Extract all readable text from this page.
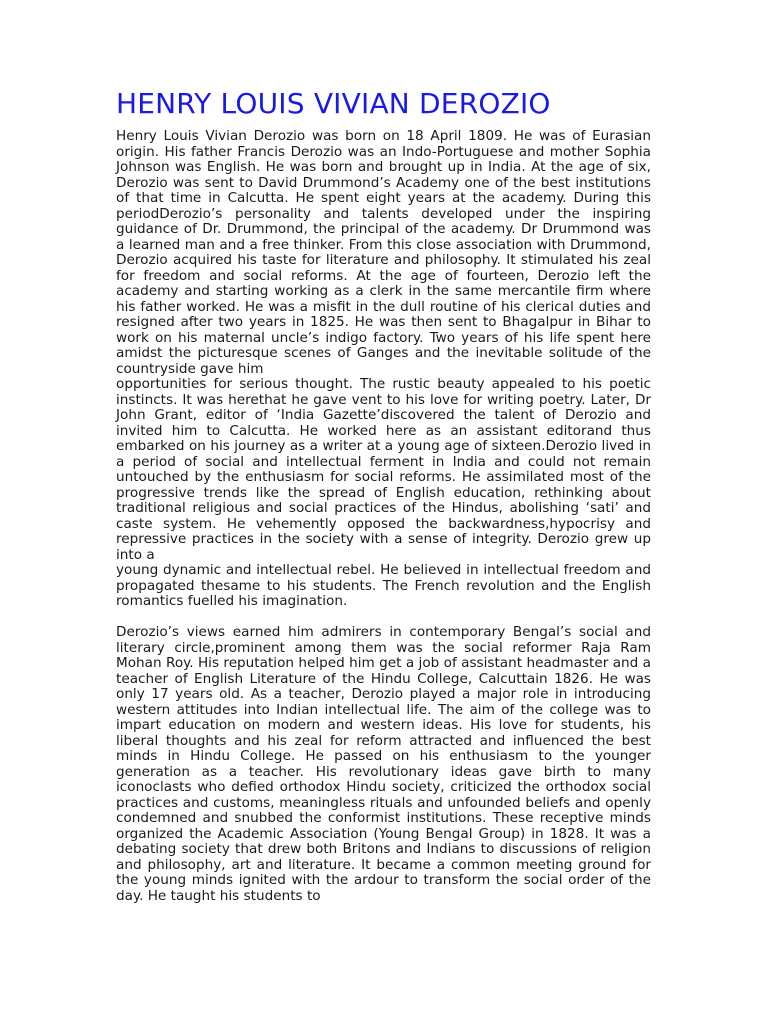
HENRY LOUIS VIVIAN DEROZIO

Henry Louis Vivian Derozio was born on 18 April 1809. He was of Eurasian origin. His father Francis Derozio was an Indo-Portuguese and mother Sophia Johnson was English. He was born and brought up in India. At the age of six, Derozio was sent to David Drummond’s Academy one of the best institutions of that time in Calcutta. He spent eight years at the academy. During this periodDerozio’s personality and talents developed under the inspiring guidance of Dr. Drummond, the principal of the academy. Dr Drummond was a learned man and a free thinker. From this close association with Drummond, Derozio acquired his taste for literature and philosophy. It stimulated his zeal for freedom and social reforms. At the age of fourteen, Derozio left the academy and starting working as a clerk in the same mercantile firm where his father worked. He was a misfit in the dull routine of his clerical duties and resigned after two years in 1825. He was then sent to Bhagalpur in Bihar to work on his maternal uncle’s indigo factory. Two years of his life spent here amidst the picturesque scenes of Ganges and the inevitable solitude of the countryside gave him

opportunities for serious thought. The rustic beauty appealed to his poetic instincts. It was herethat he gave vent to his love for writing poetry. Later, Dr John Grant, editor of ‘India Gazette’discovered the talent of Derozio and invited him to Calcutta. He worked here as an assistant editorand thus embarked on his journey as a writer at a young age of sixteen.Derozio lived in a period of social and intellectual ferment in India and could not remain untouched by the enthusiasm for social reforms. He assimilated most of the progressive trends like the spread of English education, rethinking about traditional religious and social practices of the Hindus, abolishing ‘sati’ and caste system. He vehemently opposed the backwardness,hypocrisy and repressive practices in the society with a sense of integrity. Derozio grew up into a

young dynamic and intellectual rebel. He believed in intellectual freedom and propagated thesame to his students. The French revolution and the English romantics fuelled his imagination.

Derozio’s views earned him admirers in contemporary Bengal’s social and literary circle,prominent among them was the social reformer Raja Ram Mohan Roy. His reputation helped him get a job of assistant headmaster and a teacher of English Literature of the Hindu College, Calcuttain 1826. He was only 17 years old. As a teacher, Derozio played a major role in introducing western attitudes into Indian intellectual life. The aim of the college was to impart education on modern and western ideas. His love for students, his liberal thoughts and his zeal for reform attracted and influenced the best minds in Hindu College. He passed on his enthusiasm to the younger generation as a teacher. His revolutionary ideas gave birth to many iconoclasts who defied orthodox Hindu society, criticized the orthodox social practices and customs, meaningless rituals and unfounded beliefs and openly condemned and snubbed the conformist institutions. These receptive minds organized the Academic Association (Young Bengal Group) in 1828. It was a debating society that drew both Britons and Indians to discussions of religion and philosophy, art and literature. It became a common meeting ground for the young minds ignited with the ardour to transform the social order of the day. He taught his students to
